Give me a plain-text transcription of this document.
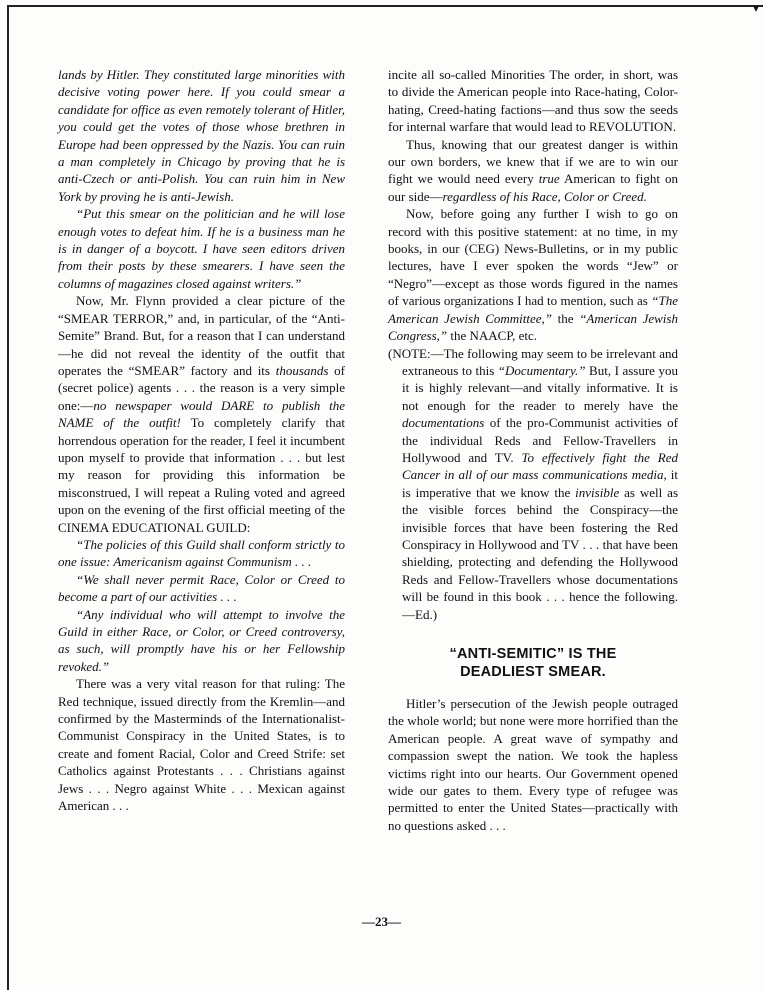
▾

lands by Hitler. They constituted large minorities with decisive voting power here. If you could smear a candidate for office as even remotely tolerant of Hitler, you could get the votes of those whose brethren in Europe had been oppressed by the Nazis. You can ruin a man completely in Chicago by proving that he is anti-Czech or anti-Polish. You can ruin him in New York by proving he is anti-Jewish.

“Put this smear on the politician and he will lose enough votes to defeat him. If he is a business man he is in danger of a boycott. I have seen editors driven from their posts by these smearers. I have seen the columns of magazines closed against writers.”

Now, Mr. Flynn provided a clear picture of the “SMEAR TERROR,” and, in particular, of the “Anti-Semite” Brand. But, for a reason that I can understand—he did not reveal the identity of the outfit that operates the “SMEAR” factory and its thousands of (secret police) agents . . . the reason is a very simple one:—no newspaper would DARE to publish the NAME of the outfit! To completely clarify that horrendous operation for the reader, I feel it incumbent upon myself to provide that information . . . but lest my reason for providing this information be misconstrued, I will repeat a Ruling voted and agreed upon on the evening of the first official meeting of the CINEMA EDUCATIONAL GUILD:

“The policies of this Guild shall conform strictly to one issue: Americanism against Communism . . .

“We shall never permit Race, Color or Creed to become a part of our activities . . .

“Any individual who will attempt to involve the Guild in either Race, or Color, or Creed controversy, as such, will promptly have his or her Fellowship revoked.”

There was a very vital reason for that ruling: The Red technique, issued directly from the Kremlin—and confirmed by the Masterminds of the Internationalist-Communist Conspiracy in the United States, is to create and foment Racial, Color and Creed Strife: set Catholics against Protestants . . . Christians against Jews . . . Negro against White . . . Mexican against American . . .

incite all so-called Minorities The order, in short, was to divide the American people into Race-hating, Color-hating, Creed-hating factions—and thus sow the seeds for internal warfare that would lead to REVOLUTION.

Thus, knowing that our greatest danger is within our own borders, we knew that if we are to win our fight we would need every true American to fight on our side—regardless of his Race, Color or Creed.

Now, before going any further I wish to go on record with this positive statement: at no time, in my books, in our (CEG) News-Bulletins, or in my public lectures, have I ever spoken the words “Jew” or “Negro”—except as those words figured in the names of various organizations I had to mention, such as “The American Jewish Committee,” the “American Jewish Congress,” the NAACP, etc.

(NOTE:—The following may seem to be irrelevant and extraneous to this “Documentary.” But, I assure you it is highly relevant—and vitally informative. It is not enough for the reader to merely have the documentations of the pro-Communist activities of the individual Reds and Fellow-Travellers in Hollywood and TV. To effectively fight the Red Cancer in all of our mass communications media, it is imperative that we know the invisible as well as the visible forces behind the Conspiracy—the invisible forces that have been fostering the Red Conspiracy in Hollywood and TV . . . that have been shielding, protecting and defending the Hollywood Reds and Fellow-Travellers whose documentations will be found in this book . . . hence the following.—Ed.)

“ANTI-SEMITIC” IS THE
DEADLIEST SMEAR.

Hitler’s persecution of the Jewish people outraged the whole world; but none were more horrified than the American people. A great wave of sympathy and compassion swept the nation. We took the hapless victims right into our hearts. Our Government opened wide our gates to them. Every type of refugee was permitted to enter the United States—practically with no questions asked . . .

—23—
